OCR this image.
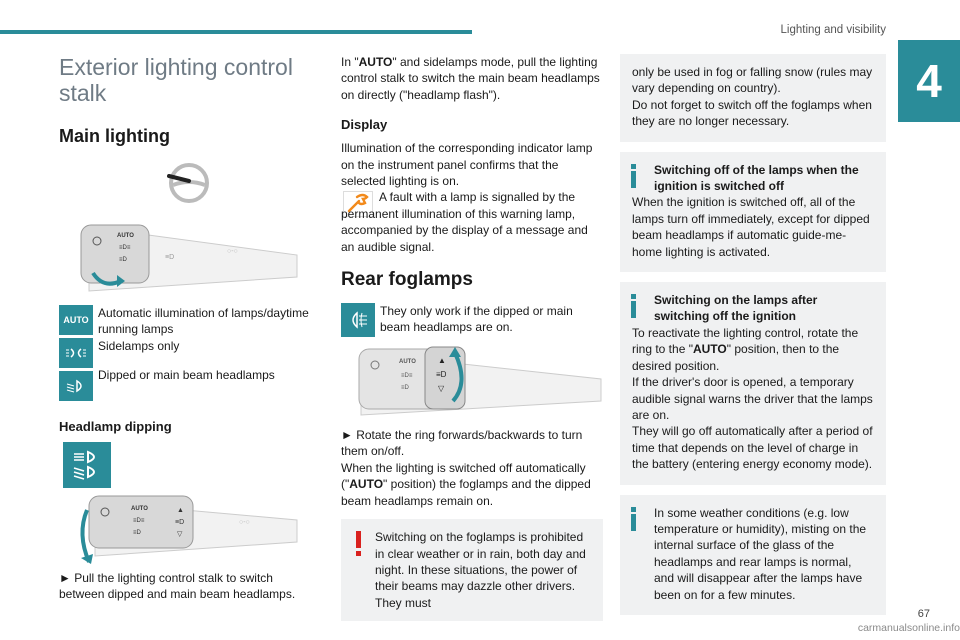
Lighting and visibility
4
Exterior lighting control stalk
Main lighting
AUTO
≡D≡
≡D	≡D
○-○
AUTO Automatic illumination of lamps/daytime running lamps

Sidelamps only

Dipped or main beam headlamps

Headlamp dipping
AUTO
≡D≡
≡D
▲
≡D
▽
○-○

► Pull the lighting control stalk to switch between dipped and main beam headlamps.

In "AUTO" and sidelamps mode, pull the lighting control stalk to switch the main beam headlamps on directly ("headlamp flash").

Display

Illumination of the corresponding indicator lamp on the instrument panel confirms that the selected lighting is on.

A fault with a lamp is signalled by the permanent illumination of this warning lamp, accompanied by the display of a message and an audible signal.

Rear foglamps

They only work if the dipped or main beam headlamps are on.

AUTO
≡D≡
≡D
▲
≡D
▽

► Rotate the ring forwards/backwards to turn them on/off.

When the lighting is switched off automatically ("AUTO" position) the foglamps and the dipped beam headlamps remain on.

Switching on the foglamps is prohibited in clear weather or in rain, both day and night. In these situations, the power of their beams may dazzle other drivers. They must

only be used in fog or falling snow (rules may vary depending on country).

Do not forget to switch off the foglamps when they are no longer necessary.

Switching off of the lamps when the ignition is switched off

When the ignition is switched off, all of the lamps turn off immediately, except for dipped beam headlamps if automatic guide-me-home lighting is activated.

Switching on the lamps after switching off the ignition

To reactivate the lighting control, rotate the ring to the "AUTO" position, then to the desired position.

If the driver's door is opened, a temporary audible signal warns the driver that the lamps are on.

They will go off automatically after a period of time that depends on the level of charge in the battery (entering energy economy mode).

In some weather conditions (e.g. low temperature or humidity), misting on the internal surface of the glass of the headlamps and rear lamps is normal, and will disappear after the lamps have been on for a few minutes.

67
carmanualsonline.info
